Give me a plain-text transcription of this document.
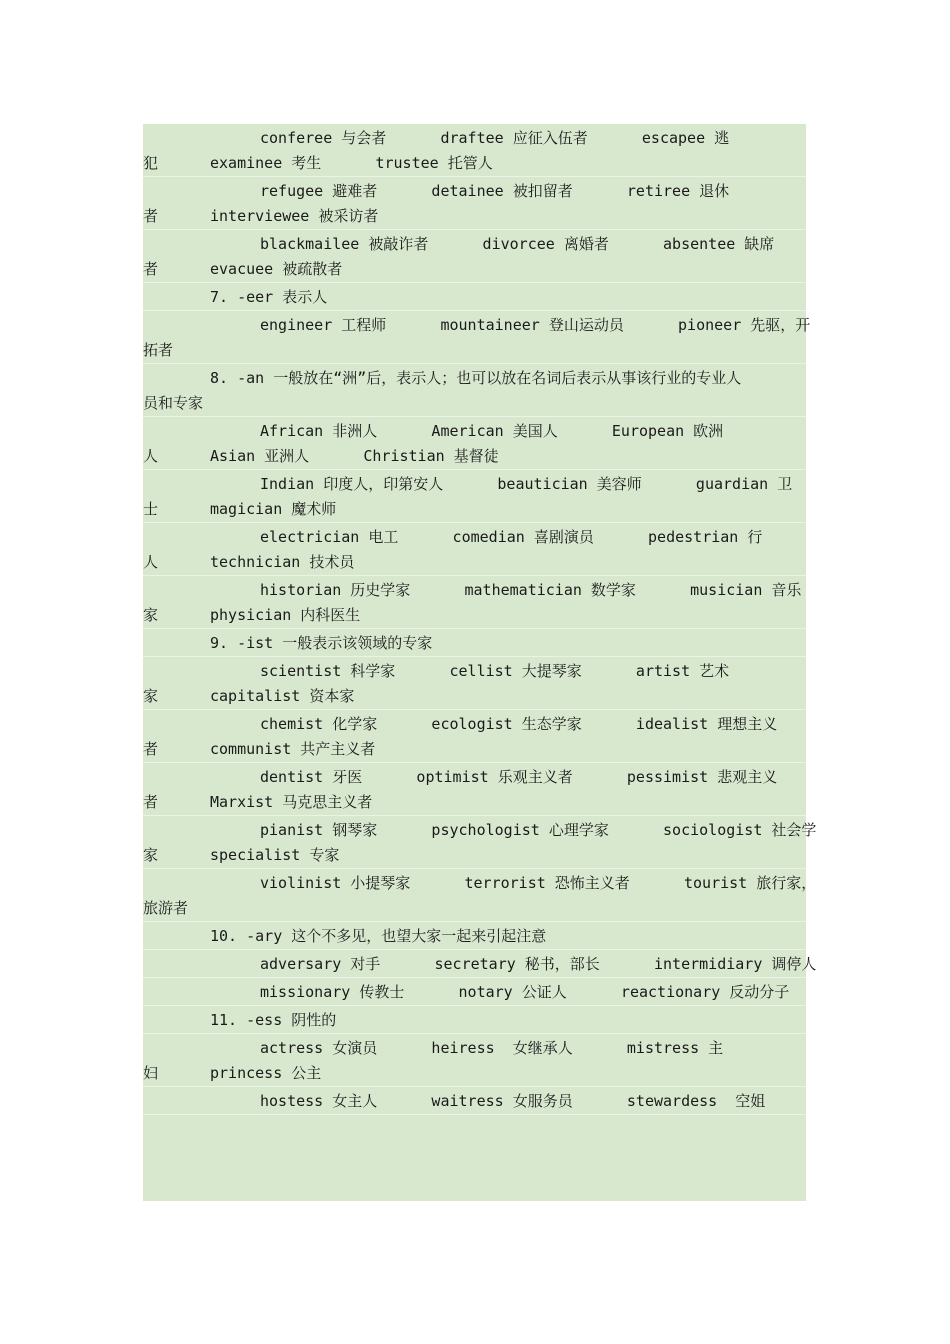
conferee 与会者      draftee 应征入伍者      escapee 逃
犯	examinee 考生      trustee 托管人
refugee 避难者      detainee 被扣留者      retiree 退休
者	interviewee 被采访者
blackmailee 被敲诈者      divorcee 离婚者      absentee 缺席
者	evacuee 被疏散者
7. -eer 表示人
engineer 工程师      mountaineer 登山运动员      pioneer 先驱，开
拓者
8. -an 一般放在“洲”后，表示人；也可以放在名词后表示从事该行业的专业人
员和专家
African 非洲人      American 美国人      European 欧洲
人	Asian 亚洲人      Christian 基督徒
Indian 印度人，印第安人      beautician 美容师      guardian 卫
士	magician 魔术师
electrician 电工      comedian 喜剧演员      pedestrian 行
人	technician 技术员
historian 历史学家      mathematician 数学家      musician 音乐
家	physician 内科医生
9. -ist 一般表示该领域的专家
scientist 科学家      cellist 大提琴家      artist 艺术
家	capitalist 资本家
chemist 化学家      ecologist 生态学家      idealist 理想主义
者	communist 共产主义者
dentist 牙医      optimist 乐观主义者      pessimist 悲观主义
者	Marxist 马克思主义者
pianist 钢琴家      psychologist 心理学家      sociologist 社会学
家	specialist 专家
violinist 小提琴家      terrorist 恐怖主义者      tourist 旅行家，
旅游者
10. -ary 这个不多见，也望大家一起来引起注意
adversary 对手      secretary 秘书，部长      intermidiary 调停人
missionary 传教士      notary 公证人      reactionary 反动分子
11. -ess 阴性的
actress 女演员      heiress  女继承人      mistress 主
妇	princess 公主
hostess 女主人      waitress 女服务员      stewardess  空姐
